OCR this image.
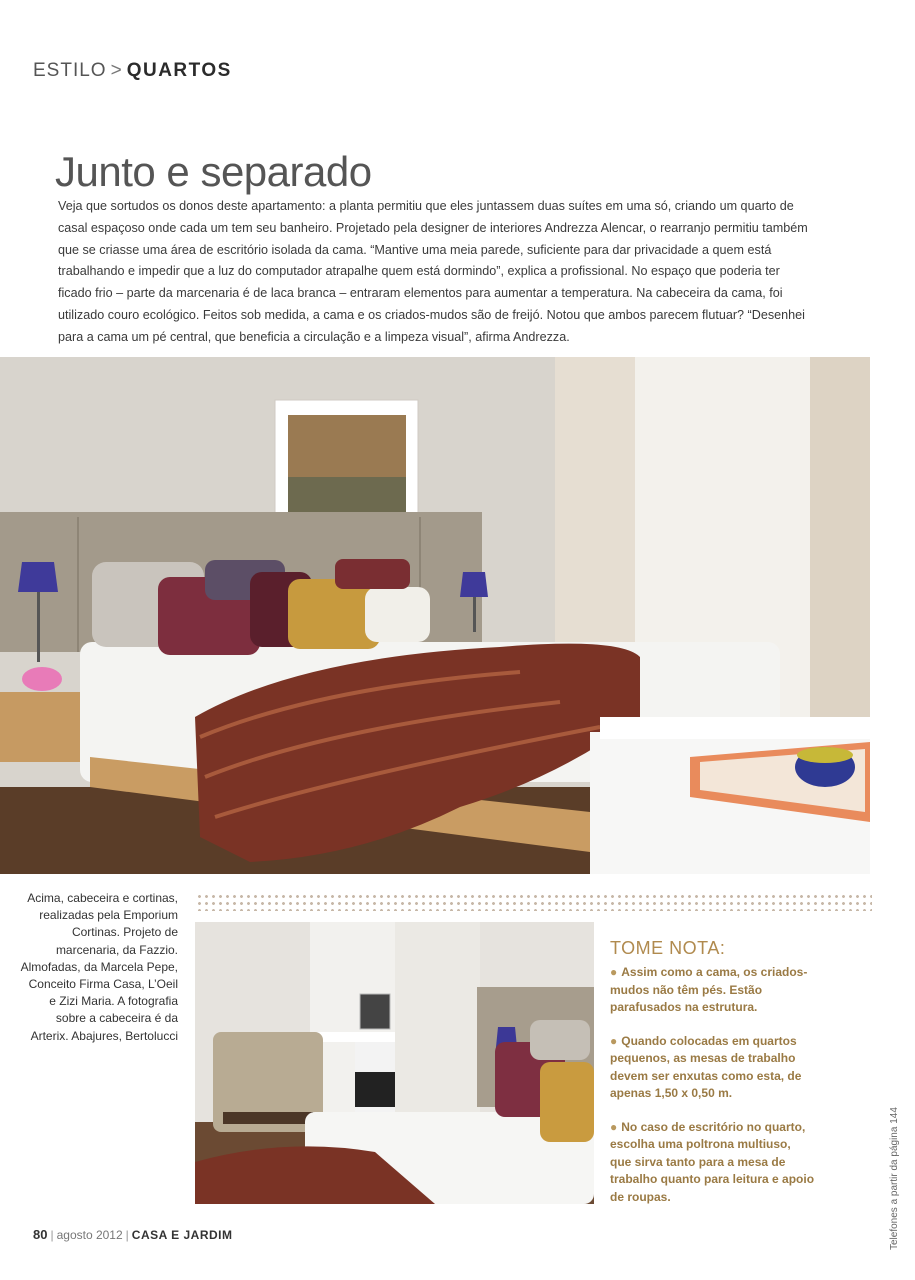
ESTILO > QUARTOS
Junto e separado

Veja que sortudos os donos deste apartamento: a planta permitiu que eles juntassem duas suítes em uma só, criando um quarto de casal espaçoso onde cada um tem seu banheiro. Projetado pela designer de interiores Andrezza Alencar, o rearranjo permitiu também que se criasse uma área de escritório isolada da cama. “Mantive uma meia parede, suficiente para dar privacidade a quem está trabalhando e impedir que a luz do computador atrapalhe quem está dormindo”, explica a profissional. No espaço que poderia ter ficado frio – parte da marcenaria é de laca branca – entraram elementos para aumentar a temperatura. Na cabeceira da cama, foi utilizado couro ecológico. Feitos sob medida, a cama e os criados-mudos são de freijó. Notou que ambos parecem flutuar? “Desenhei para a cama um pé central, que beneficia a circulação e a limpeza visual”, afirma Andrezza.

Acima, cabeceira e cortinas, realizadas pela Emporium Cortinas. Projeto de marcenaria, da Fazzio. Almofadas, da Marcela Pepe, Conceito Firma Casa, L’Oeil e Zizi Maria. A fotografia sobre a cabeceira é da Arterix. Abajures, Bertolucci

TOME NOTA:
● Assim como a cama, os criados-mudos não têm pés. Estão parafusados na estrutura.
● Quando colocadas em quartos pequenos, as mesas de trabalho devem ser enxutas como esta, de apenas 1,50 x 0,50 m.
● No caso de escritório no quarto, escolha uma poltrona multiuso, que sirva tanto para a mesa de trabalho quanto para leitura e apoio de roupas.	Telefones a partir da página 144
80 | agosto 2012 | CASA E JARDIM
